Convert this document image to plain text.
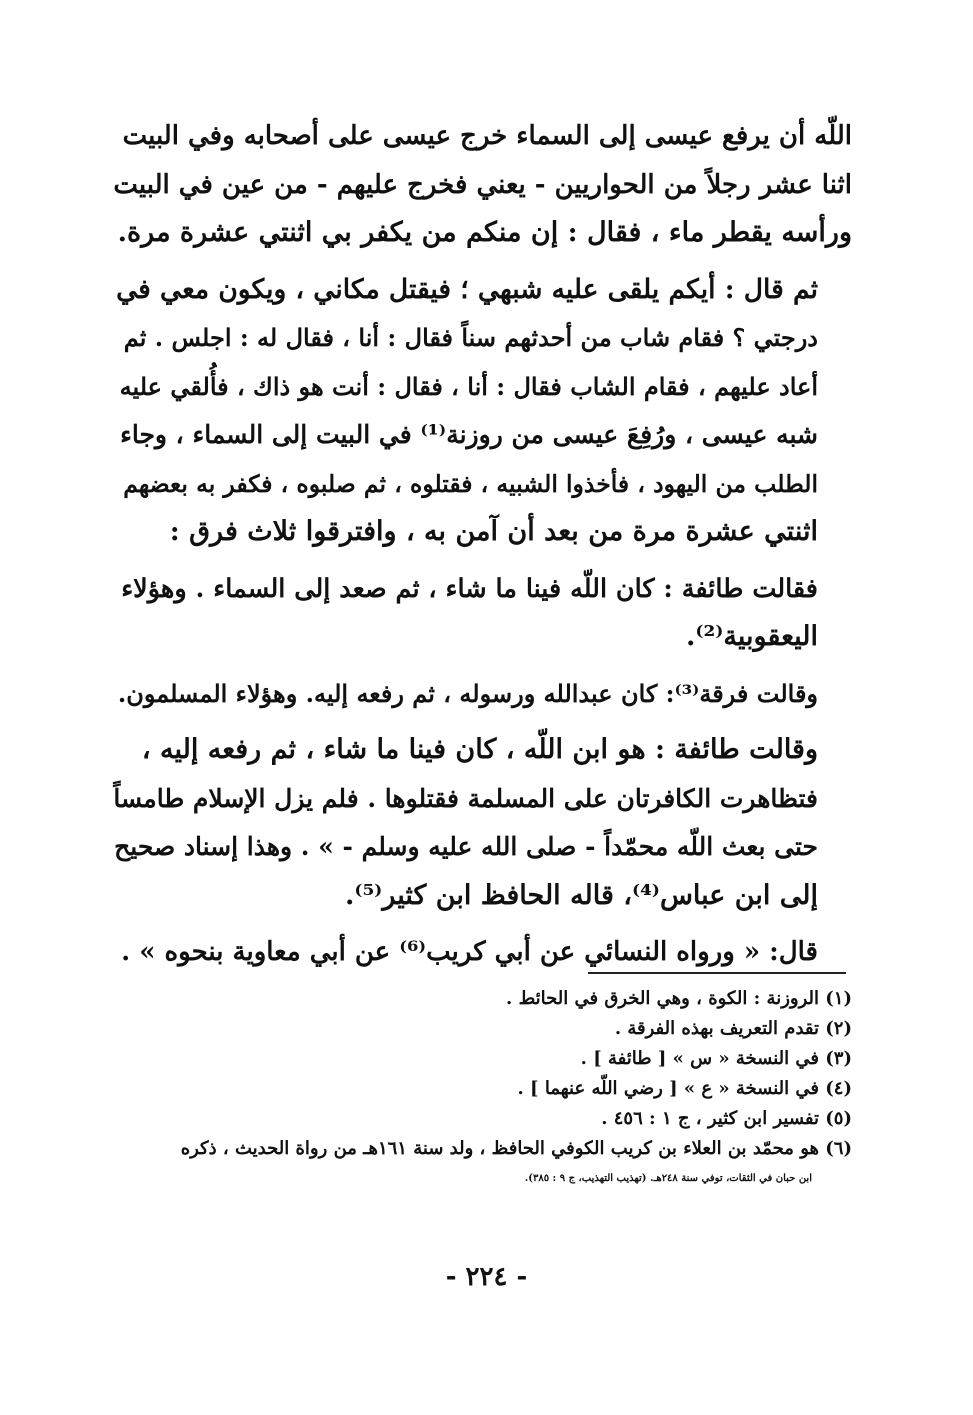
اللّه أن يرفع عيسى إلى السماء خرج عيسى على أصحابه وفي البيت
اثنا عشر رجلاً من الحواريين - يعني فخرج عليهم - من عين في البيت
ورأسه يقطر ماء ، فقال : إن منكم من يكفر بي اثنتي عشرة مرة.

ثم قال : أيكم يلقى عليه شبهي ؛ فيقتل مكاني ، ويكون معي في
درجتي ؟ فقام شاب من أحدثهم سناً فقال : أنا ، فقال له : اجلس . ثم
أعاد عليهم ، فقام الشاب فقال : أنا ، فقال : أنت هو ذاك ، فأُلقي عليه
شبه عيسى ، ورُفِعَ عيسى من روزنة⁽¹⁾ في البيت إلى السماء ، وجاء
الطلب من اليهود ، فأخذوا الشبيه ، فقتلوه ، ثم صلبوه ، فكفر به بعضهم
اثنتي عشرة مرة من بعد أن آمن به ، وافترقوا ثلاث فرق :

فقالت طائفة : كان اللّه فينا ما شاء ، ثم صعد إلى السماء . وهؤلاء
اليعقوبية⁽²⁾.

وقالت فرقة⁽³⁾: كان عبدالله ورسوله ، ثم رفعه إليه. وهؤلاء المسلمون.

وقالت طائفة : هو ابن اللّه ، كان فينا ما شاء ، ثم رفعه إليه ،
فتظاهرت الكافرتان على المسلمة فقتلوها . فلم يزل الإسلام طامساً
حتى بعث اللّه محمّداً - صلى الله عليه وسلم - » . وهذا إسناد صحيح
إلى ابن عباس⁽⁴⁾، قاله الحافظ ابن كثير⁽⁵⁾.

قال: « ورواه النسائي عن أبي كريب⁽⁶⁾ عن أبي معاوية بنحوه » .

(١) الروزنة : الكوة ، وهي الخرق في الحائط .
(٢) تقدم التعريف بهذه الفرقة .
(٣) في النسخة « س » [ طائفة ] .
(٤) في النسخة « ع » [ رضي اللّه عنهما ] .
(٥) تفسير ابن كثير ، ج ١ : ٤٥٦ .
(٦) هو محمّد بن العلاء بن كريب الكوفي الحافظ ، ولد سنة ١٦١هـ من رواة الحديث ، ذكره
ابن حبان في الثقات، توفي سنة ٢٤٨هـ. (تهذيب التهذيب، ج ٩ : ٣٨٥).
- ٢٢٤ -
